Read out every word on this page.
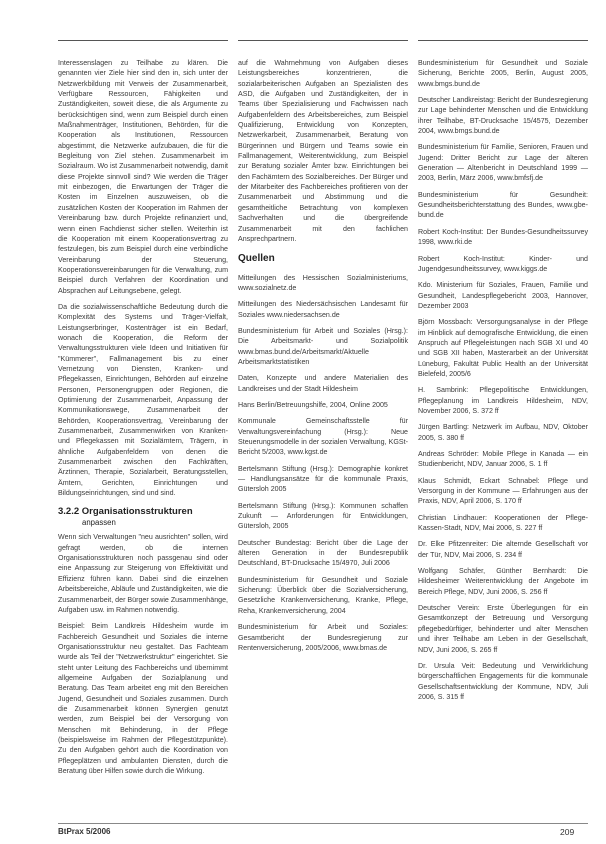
Interessenslagen zu Teilhabe zu klären. Die genannten vier Ziele hier sind den in, sich unter der Netzwerkbildung mit Verweis der Zusammenarbeit, Verfügbare Ressourcen, Fähigkeiten und Zuständigkeiten, soweit diese, die als Argumente zu berücksichtigen sind, wenn zum Beispiel durch einen Maßnahmenträger, Institutionen, Behörden, für die Kooperation als Institutionen, Ressourcen abgestimmt, die Netzwerke aufzubauen, die für die Begleitung von Ziel stehen. Zusammenarbeit im Sozialraum. Wo ist Zusammenarbeit notwendig, damit diese Projekte sinnvoll sind? Wie werden die Träger mit einbezogen, die Erwartungen der Träger die Kosten im Einzelnen auszuweisen, ob die zusätzlichen Kosten der Kooperation im Rahmen der Vereinbarung bzw. durch Projekte refinanziert und, wenn einen Fachdienst sicher stellen. Weiterhin ist die Kooperation mit einem Kooperationsvertrag zu festzulegen, bis zum Beispiel durch eine verbindliche Vereinbarung der Steuerung, Kooperationsvereinbarungen für die Verwaltung, zum Beispiel durch Verfahren der Koordination und Absprachen auf Leitungsebene, gelegt.

Da die sozialwissenschaftliche Bedeutung durch die Komplexität des Systems und Träger-Vielfalt, Leistungserbringer, Kostenträger ist ein Bedarf, wonach die Kooperation, die Reform der Verwaltungsstrukturen viele Ideen und Initiativen für "Kümmerer", Fallmanagement bis zu einer Vernetzung von Diensten, Kranken- und Pflegekassen, Einrichtungen, Behörden auf einzelne Personen, Personengruppen oder Regionen, die Optimierung der Zusammenarbeit, Anpassung der Kommunikationswege, Zusammenarbeit der Behörden, Kooperationsvertrag, Vereinbarung der Zusammenarbeit, Zusammenwirken von Kranken- und Pflegekassen mit Sozialämtern, Trägern, in ähnliche Aufgabenfeldern von denen die Zusammenarbeit zwischen den Fachkräften, Ärztinnen, Therapie, Sozialarbeit, Beratungsstellen, Ämtern, Gerichten, Einrichtungen und Bildungseinrichtungen, sind und sind.

3.2.2 Organisationsstrukturen
anpassen

Wenn sich Verwaltungen "neu ausrichten" sollen, wird gefragt werden, ob die internen Organisationsstrukturen noch passgenau sind oder eine Anpassung zur Steigerung von Effektivität und Effizienz führen kann. Dabei sind die einzelnen Arbeitsbereiche, Abläufe und Zuständigkeiten, wie die Zusammenarbeit, der Bürger sowie Zusammenhänge, Aufgaben usw. im Rahmen notwendig.

Beispiel: Beim Landkreis Hildesheim wurde im Fachbereich Gesundheit und Soziales die interne Organisationsstruktur neu gestaltet. Das Fachteam wurde als Teil der "Netzwerkstruktur" eingerichtet. Sie steht unter Leitung des Fachbereichs und übernimmt allgemeine Aufgaben der Sozialplanung und Beratung. Das Team arbeitet eng mit den Bereichen Jugend, Gesundheit und Soziales zusammen. Durch die Zusammenarbeit können Synergien genutzt werden, zum Beispiel bei der Versorgung von Menschen mit Behinderung, in der Pflege (beispielsweise im Rahmen der Pflegestützpunkte). Zu den Aufgaben gehört auch die Koordination von Pflegeplätzen und ambulanten Diensten, durch die Beratung über Hilfen sowie durch die Wirkung.

auf die Wahrnehmung von Aufgaben dieses Leistungsbereiches konzentrieren, die sozialarbeiterischen Aufgaben an Spezialisten des ASD, die Aufgaben und Zuständigkeiten, der in Teams über Spezialisierung und Fachwissen nach Aufgabenfeldern des Arbeitsbereiches, zum Beispiel Qualifizierung, Entwicklung von Konzepten, Netzwerkarbeit, Zusammenarbeit, Beratung von Bürgerinnen und Bürgern und Teams sowie ein Fallmanagement, Weiterentwicklung, zum Beispiel zur Beratung sozialer Ämter bzw. Einrichtungen bei den Fachämtern des Sozialbereiches. Der Bürger und der Mitarbeiter des Fachbereiches profitieren von der Zusammenarbeit und Abstimmung und die gesamtheitliche Betrachtung von komplexen Sachverhalten und die übergreifende Zusammenarbeit mit den fachlichen Ansprechpartnern.

Quellen

Mitteilungen des Hessischen Sozialministeriums, www.sozialnetz.de

Mitteilungen des Niedersächsischen Landesamt für Soziales www.niedersachsen.de

Bundesministerium für Arbeit und Soziales (Hrsg.): Die Arbeitsmarkt- und Sozialpolitik www.bmas.bund.de/Arbeitsmarkt/Aktuelle Arbeitsmarktstatistiken

Daten, Konzepte und andere Materialien des Landkreises und der Stadt Hildesheim

Hans Berlin/Betreuungshilfe, 2004, Online 2005

Kommunale Gemeinschaftsstelle für Verwaltungsvereinfachung (Hrsg.): Neue Steuerungsmodelle in der sozialen Verwaltung, KGSt-Bericht 5/2003, www.kgst.de

Bertelsmann Stiftung (Hrsg.): Demographie konkret — Handlungsansätze für die kommunale Praxis, Gütersloh 2005

Bertelsmann Stiftung (Hrsg.): Kommunen schaffen Zukunft — Anforderungen für Entwicklungen, Gütersloh, 2005

Deutscher Bundestag: Bericht über die Lage der älteren Generation in der Bundesrepublik Deutschland, BT-Drucksache 15/4970, Juli 2006

Bundesministerium für Gesundheit und Soziale Sicherung: Überblick über die Sozialversicherung, Gesetzliche Krankenversicherung, Kranke, Pflege, Reha, Krankenversicherung, 2004

Bundesministerium für Arbeit und Soziales: Gesamtbericht der Bundesregierung zur Rentenversicherung, 2005/2006, www.bmas.de

Bundesministerium für Gesundheit und Soziale Sicherung, Berichte 2005, Berlin, August 2005, www.bmgs.bund.de

Deutscher Landkreistag: Bericht der Bundesregierung zur Lage behinderter Menschen und die Entwicklung ihrer Teilhabe, BT-Drucksache 15/4575, Dezember 2004, www.bmgs.bund.de

Bundesministerium für Familie, Senioren, Frauen und Jugend: Dritter Bericht zur Lage der älteren Generation — Altenbericht in Deutschland 1999 — 2003, Berlin, März 2006, www.bmfsfj.de

Bundesministerium für Gesundheit: Gesundheitsberichterstattung des Bundes, www.gbe-bund.de

Robert Koch-Institut: Der Bundes-Gesundheitssurvey 1998, www.rki.de

Robert Koch-Institut: Kinder- und Jugendgesundheitssurvey, www.kiggs.de

Kdo. Ministerium für Soziales, Frauen, Familie und Gesundheit, Landespflegebericht 2003, Hannover, Dezember 2003

Björn Mossbach: Versorgungsanalyse in der Pflege im Hinblick auf demografische Entwicklung, die einen Anspruch auf Pflegeleistungen nach SGB XI und 40 und SGB XII haben, Masterarbeit an der Universität Lüneburg, Fakultät Public Health an der Universität Bielefeld, 2005/6

H. Sambrink: Pflegepolitische Entwicklungen, Pflegeplanung im Landkreis Hildesheim, NDV, November 2006, S. 372 ff

Jürgen Bartling: Netzwerk im Aufbau, NDV, Oktober 2005, S. 380 ff

Andreas Schröder: Mobile Pflege in Kanada — ein Studienbericht, NDV, Januar 2006, S. 1 ff

Klaus Schmidt, Eckart Schnabel: Pflege und Versorgung in der Kommune — Erfahrungen aus der Praxis, NDV, April 2006, S. 170 ff

Christian Lindhauer: Kooperationen der Pflege-Kassen-Stadt, NDV, Mai 2006, S. 227 ff

Dr. Elke Pfitzenreiter: Die alternde Gesellschaft vor der Tür, NDV, Mai 2006, S. 234 ff

Wolfgang Schäfer, Günther Bernhardt: Die Hildesheimer Weiterentwicklung der Angebote im Bereich Pflege, NDV, Juni 2006, S. 256 ff

Deutscher Verein: Erste Überlegungen für ein Gesamtkonzept der Betreuung und Versorgung pflegebedürftiger, behinderter und alter Menschen und ihrer Teilhabe am Leben in der Gesellschaft, NDV, Juni 2006, S. 265 ff

Dr. Ursula Veit: Bedeutung und Verwirklichung bürgerschaftlichen Engagements für die kommunale Gesellschaftsentwicklung der Kommune, NDV, Juli 2006, S. 315 ff

BtPrax 5/2006	209
